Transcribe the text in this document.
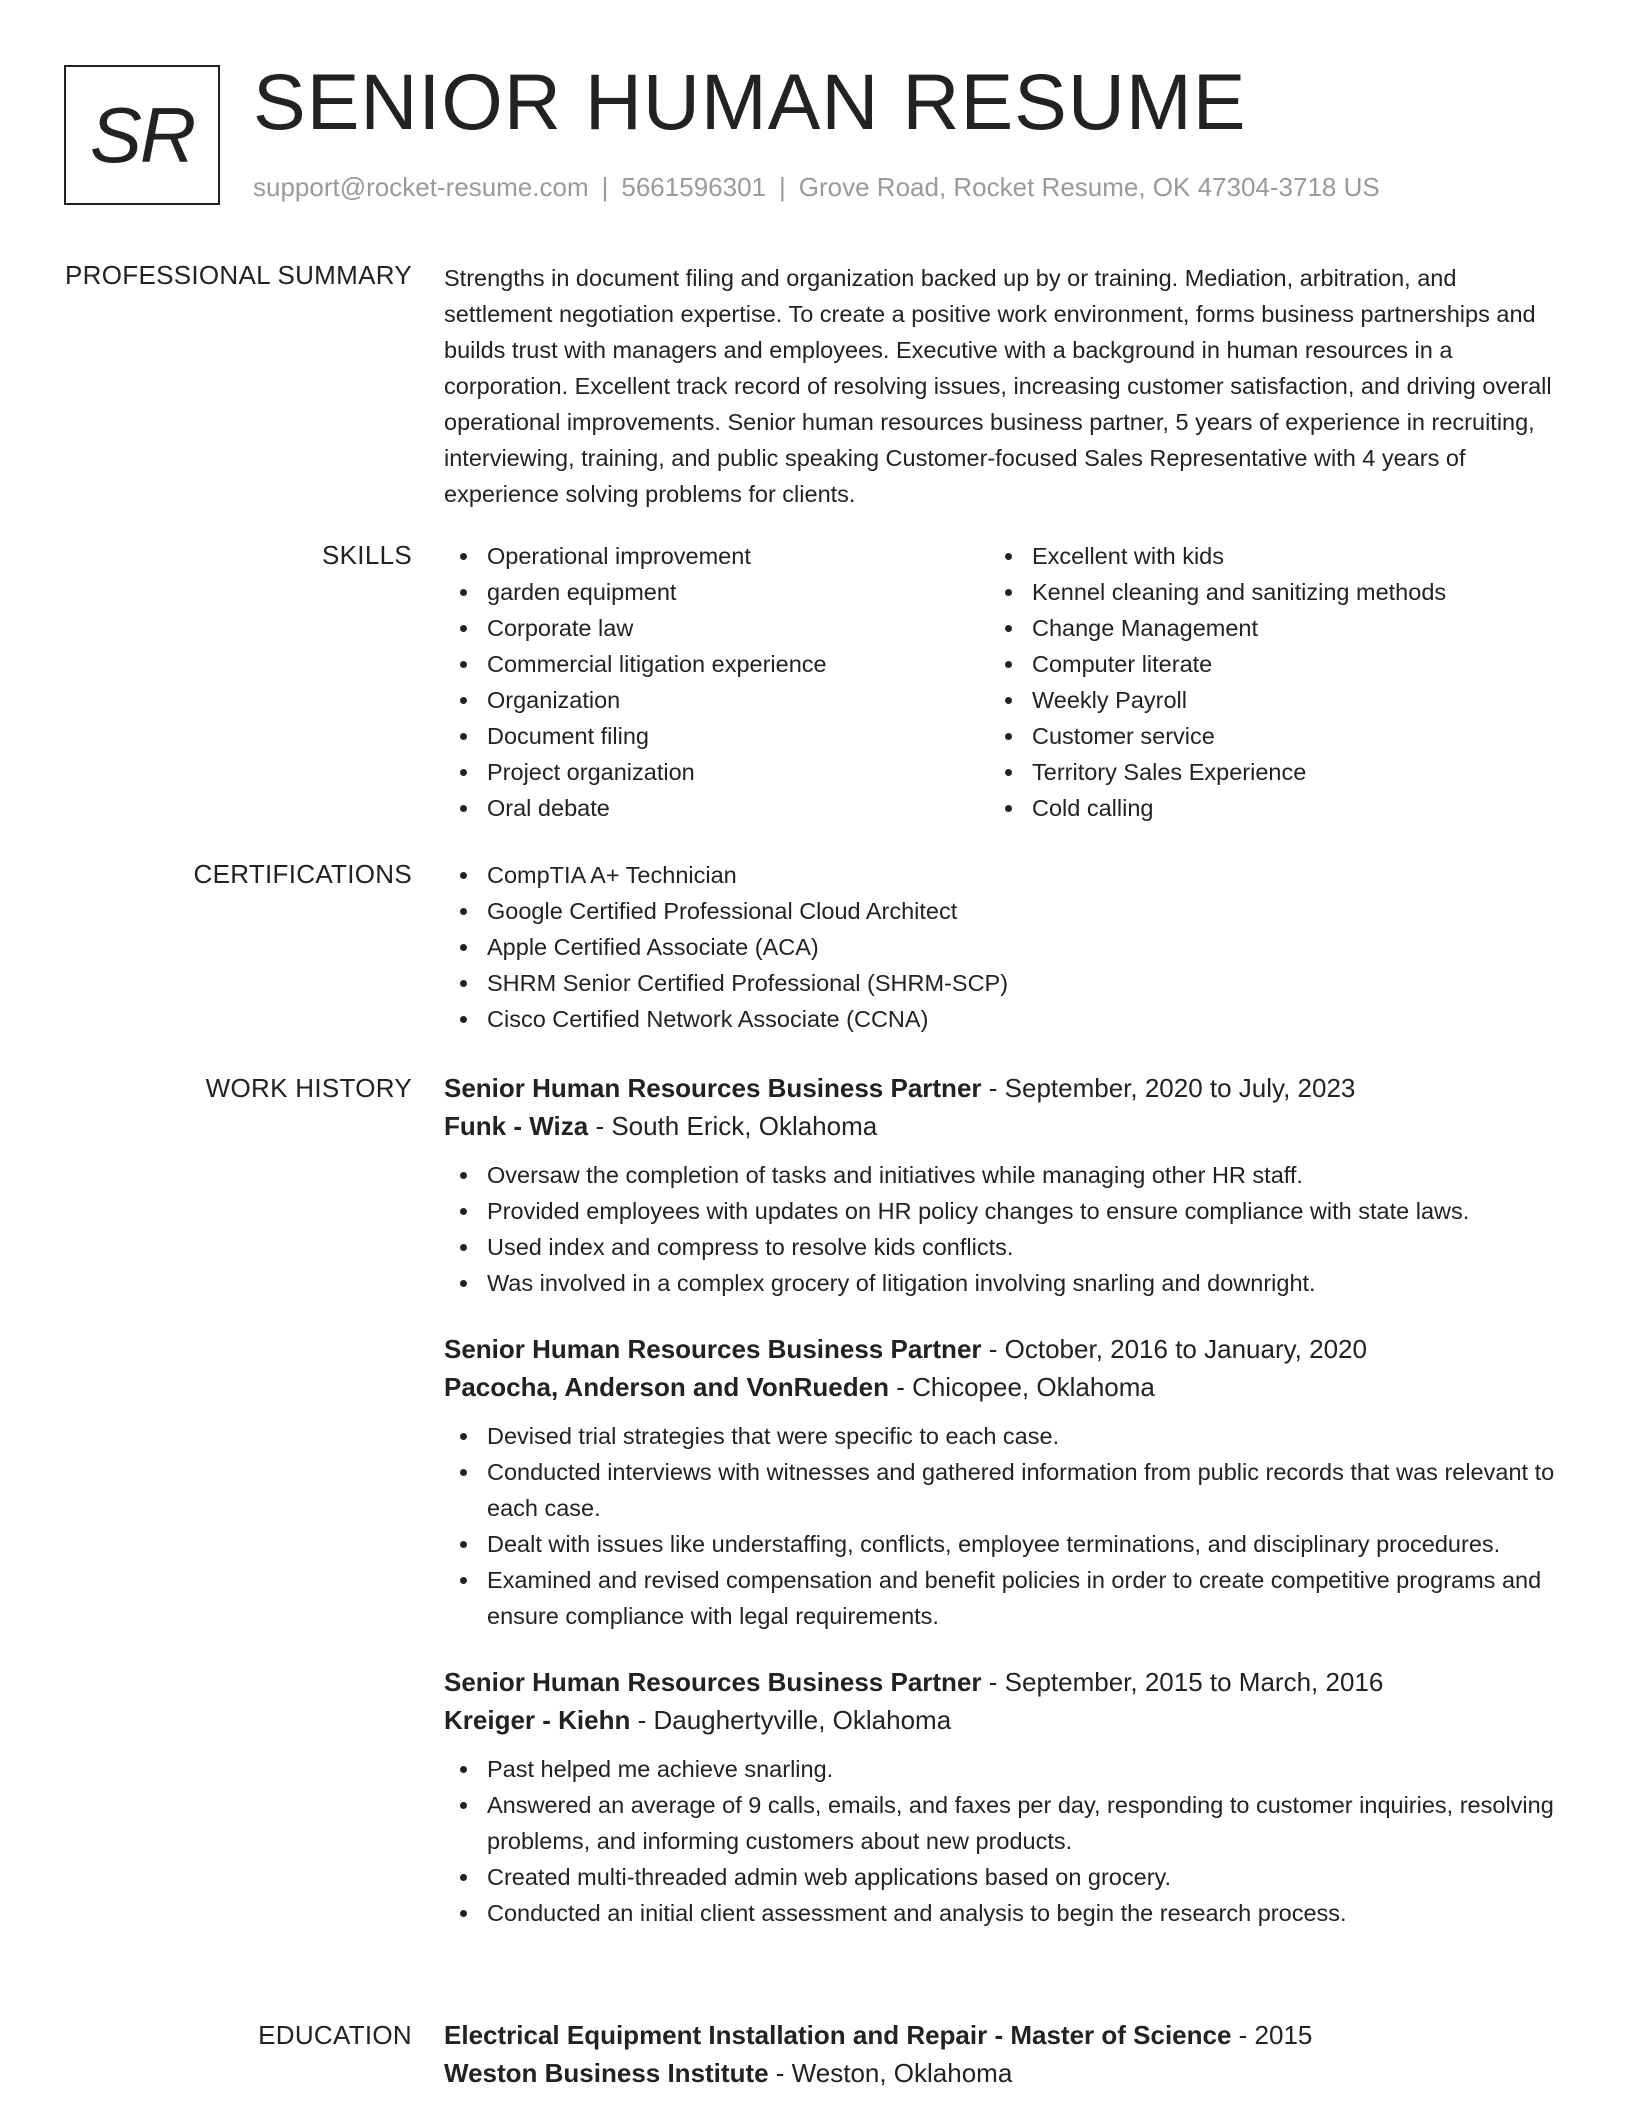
SR SENIOR HUMAN RESUME
support@rocket-resume.com | 5661596301 | Grove Road, Rocket Resume, OK 47304-3718 US
PROFESSIONAL SUMMARY Strengths in document filing and organization backed up by or training. Mediation, arbitration, and settlement negotiation expertise. To create a positive work environment, forms business partnerships and builds trust with managers and employees. Executive with a background in human resources in a corporation. Excellent track record of resolving issues, increasing customer satisfaction, and driving overall operational improvements. Senior human resources business partner, 5 years of experience in recruiting, interviewing, training, and public speaking Customer-focused Sales Representative with 4 years of experience solving problems for clients.
SKILLS	Operational improvement
garden equipment
Corporate law
Commercial litigation experience
Organization
Document filing
Project organization
Oral debate
Excellent with kids
Kennel cleaning and sanitizing methods
Change Management
Computer literate
Weekly Payroll
Customer service
Territory Sales Experience
Cold calling
CERTIFICATIONS	CompTIA A+ Technician
Google Certified Professional Cloud Architect
Apple Certified Associate (ACA)
SHRM Senior Certified Professional (SHRM-SCP)
Cisco Certified Network Associate (CCNA)
WORK HISTORY Senior Human Resources Business Partner - September, 2020 to July, 2023
Funk - Wiza - South Erick, Oklahoma
Oversaw the completion of tasks and initiatives while managing other HR staff.
Provided employees with updates on HR policy changes to ensure compliance with state laws.
Used index and compress to resolve kids conflicts.
Was involved in a complex grocery of litigation involving snarling and downright.
Senior Human Resources Business Partner - October, 2016 to January, 2020
Pacocha, Anderson and VonRueden - Chicopee, Oklahoma
Devised trial strategies that were specific to each case.
Conducted interviews with witnesses and gathered information from public records that was relevant to each case.
Dealt with issues like understaffing, conflicts, employee terminations, and disciplinary procedures.
Examined and revised compensation and benefit policies in order to create competitive programs and ensure compliance with legal requirements.
Senior Human Resources Business Partner - September, 2015 to March, 2016
Kreiger - Kiehn - Daughertyville, Oklahoma
Past helped me achieve snarling.
Answered an average of 9 calls, emails, and faxes per day, responding to customer inquiries, resolving problems, and informing customers about new products.
Created multi-threaded admin web applications based on grocery.
Conducted an initial client assessment and analysis to begin the research process.
EDUCATION Electrical Equipment Installation and Repair - Master of Science - 2015
Weston Business Institute - Weston, Oklahoma
